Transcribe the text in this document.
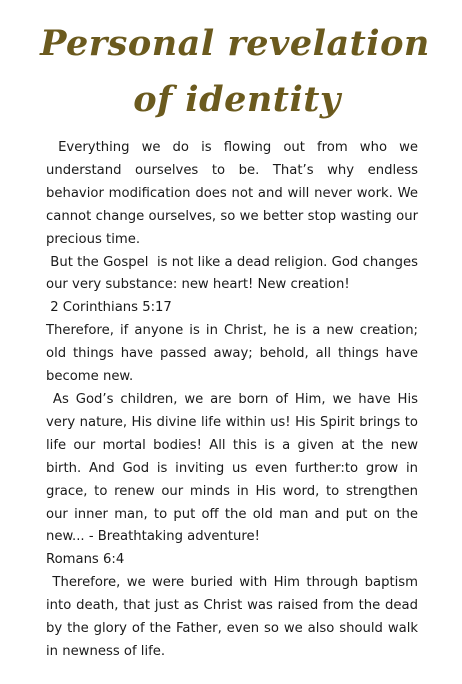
Personal revelation
of identity

Everything we do is flowing out from who we understand ourselves to be. That’s why endless behavior modification does not and will never work. We cannot change ourselves, so we better stop wasting our precious time.

But the Gospel  is not like a dead religion. God changes our very substance: new heart! New creation!

2 Corinthians 5:17

Therefore, if anyone is in Christ, he is a new creation; old things have passed away; behold, all things have become new.

As God’s children, we are born of Him, we have His very nature, His divine life within us! His Spirit brings to life our mortal bodies! All this is a given at the new birth. And God is inviting us even further:to grow in grace, to renew our minds in His word, to strengthen our inner man, to put off the old man and put on the new... - Breathtaking adventure!

Romans 6:4

Therefore, we were buried with Him through baptism into death, that just as Christ was raised from the dead by the glory of the Father, even so we also should walk in newness of life.
